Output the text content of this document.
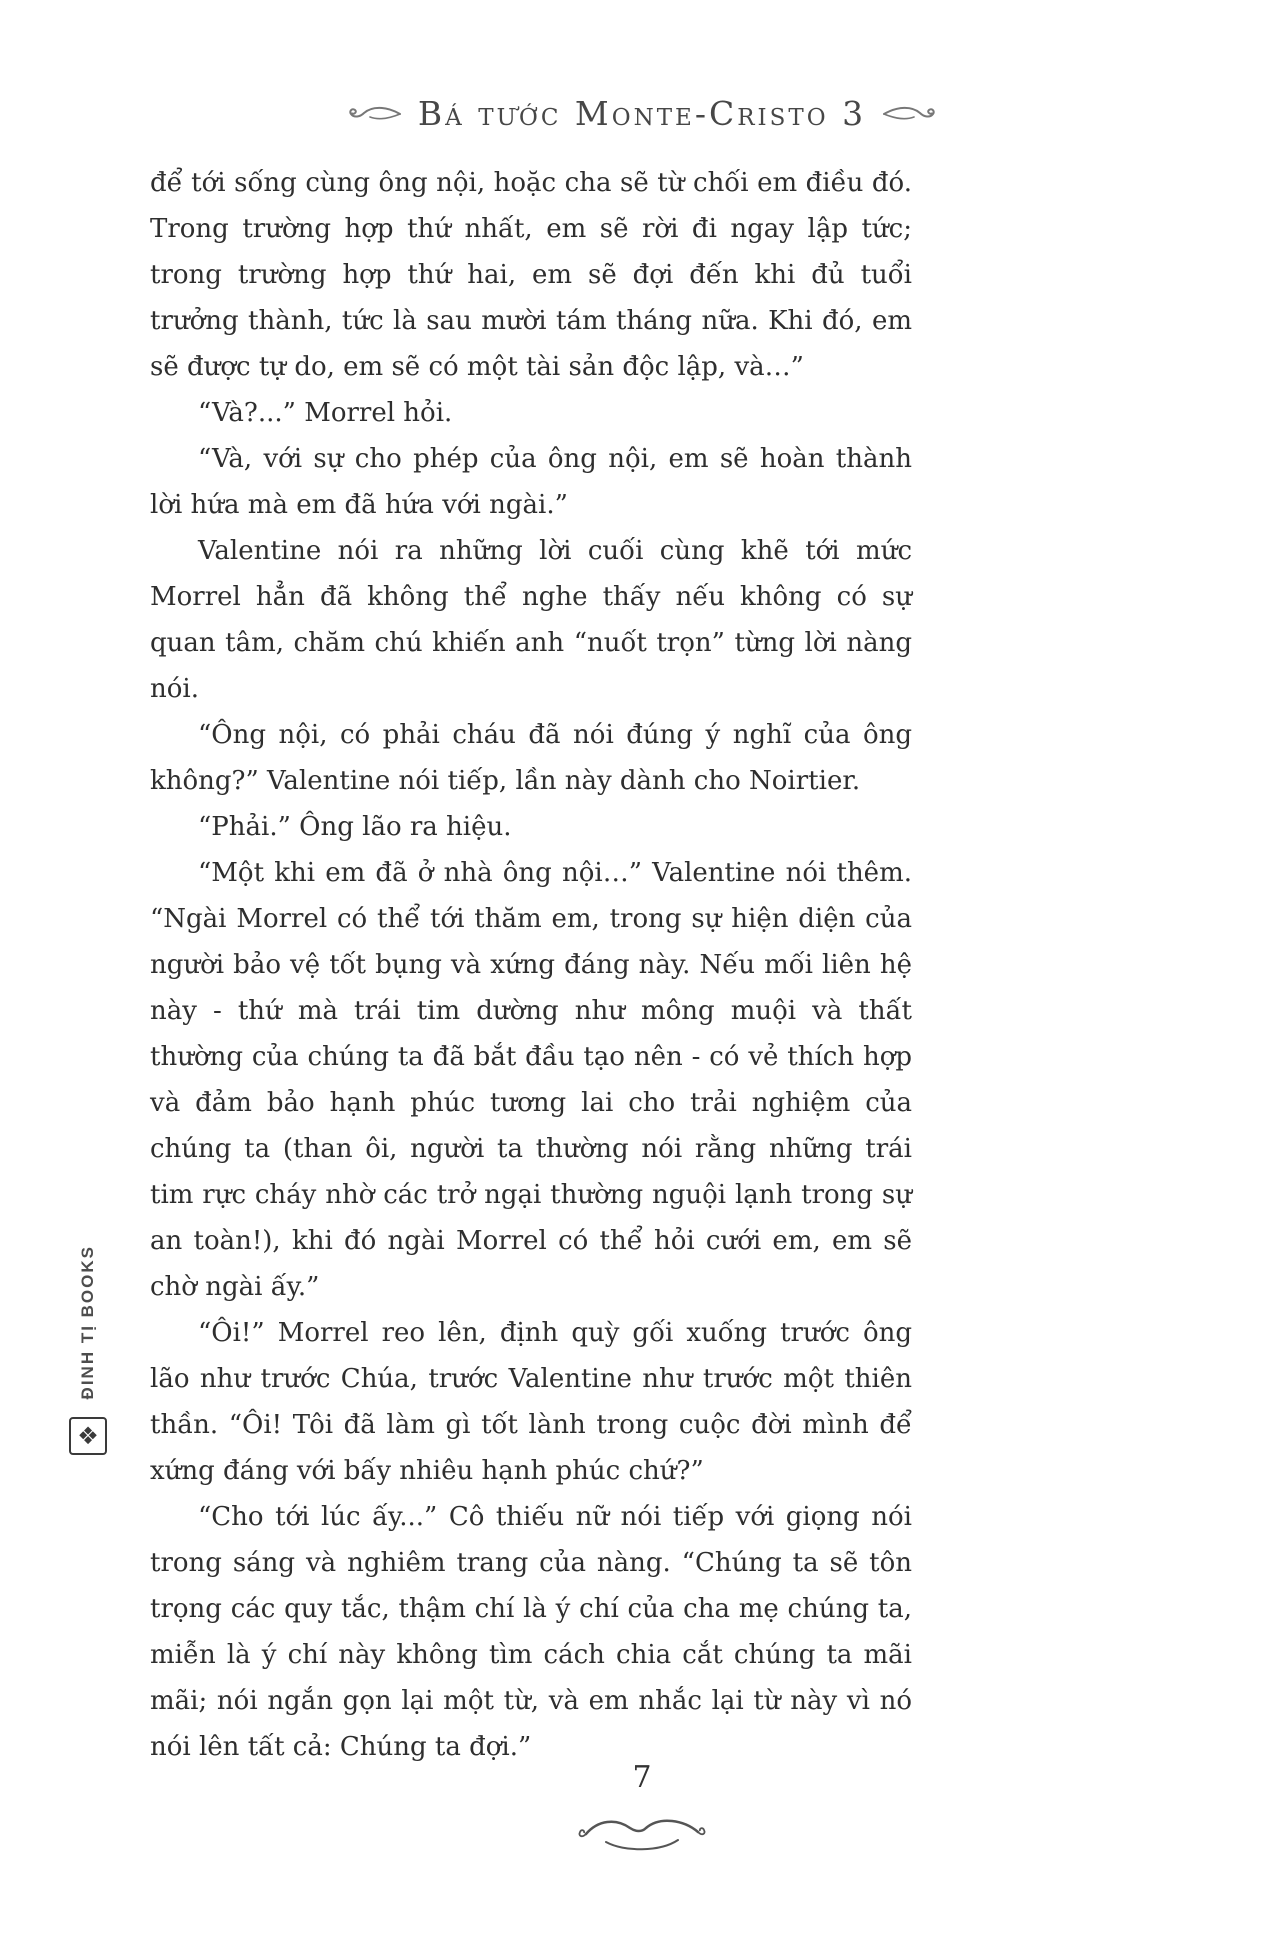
Bá tước Monte-Cristo 3

để tới sống cùng ông nội, hoặc cha sẽ từ chối em điều đó. Trong trường hợp thứ nhất, em sẽ rời đi ngay lập tức; trong trường hợp thứ hai, em sẽ đợi đến khi đủ tuổi trưởng thành, tức là sau mười tám tháng nữa. Khi đó, em sẽ được tự do, em sẽ có một tài sản độc lập, và…”

“Và?...” Morrel hỏi.

“Và, với sự cho phép của ông nội, em sẽ hoàn thành lời hứa mà em đã hứa với ngài.”

Valentine nói ra những lời cuối cùng khẽ tới mức Morrel hẳn đã không thể nghe thấy nếu không có sự quan tâm, chăm chú khiến anh “nuốt trọn” từng lời nàng nói.

“Ông nội, có phải cháu đã nói đúng ý nghĩ của ông không?” Valentine nói tiếp, lần này dành cho Noirtier.

“Phải.” Ông lão ra hiệu.

“Một khi em đã ở nhà ông nội…” Valentine nói thêm. “Ngài Morrel có thể tới thăm em, trong sự hiện diện của người bảo vệ tốt bụng và xứng đáng này. Nếu mối liên hệ này - thứ mà trái tim dường như mông muội và thất thường của chúng ta đã bắt đầu tạo nên - có vẻ thích hợp và đảm bảo hạnh phúc tương lai cho trải nghiệm của chúng ta (than ôi, người ta thường nói rằng những trái tim rực cháy nhờ các trở ngại thường nguội lạnh trong sự an toàn!), khi đó ngài Morrel có thể hỏi cưới em, em sẽ chờ ngài ấy.”

“Ôi!” Morrel reo lên, định quỳ gối xuống trước ông lão như trước Chúa, trước Valentine như trước một thiên thần. “Ôi! Tôi đã làm gì tốt lành trong cuộc đời mình để xứng đáng với bấy nhiêu hạnh phúc chứ?”

“Cho tới lúc ấy...” Cô thiếu nữ nói tiếp với giọng nói trong sáng và nghiêm trang của nàng. “Chúng ta sẽ tôn trọng các quy tắc, thậm chí là ý chí của cha mẹ chúng ta, miễn là ý chí này không tìm cách chia cắt chúng ta mãi mãi; nói ngắn gọn lại một từ, và em nhắc lại từ này vì nó nói lên tất cả: Chúng ta đợi.”

ĐINH TỊ BOOKS
❖
7
